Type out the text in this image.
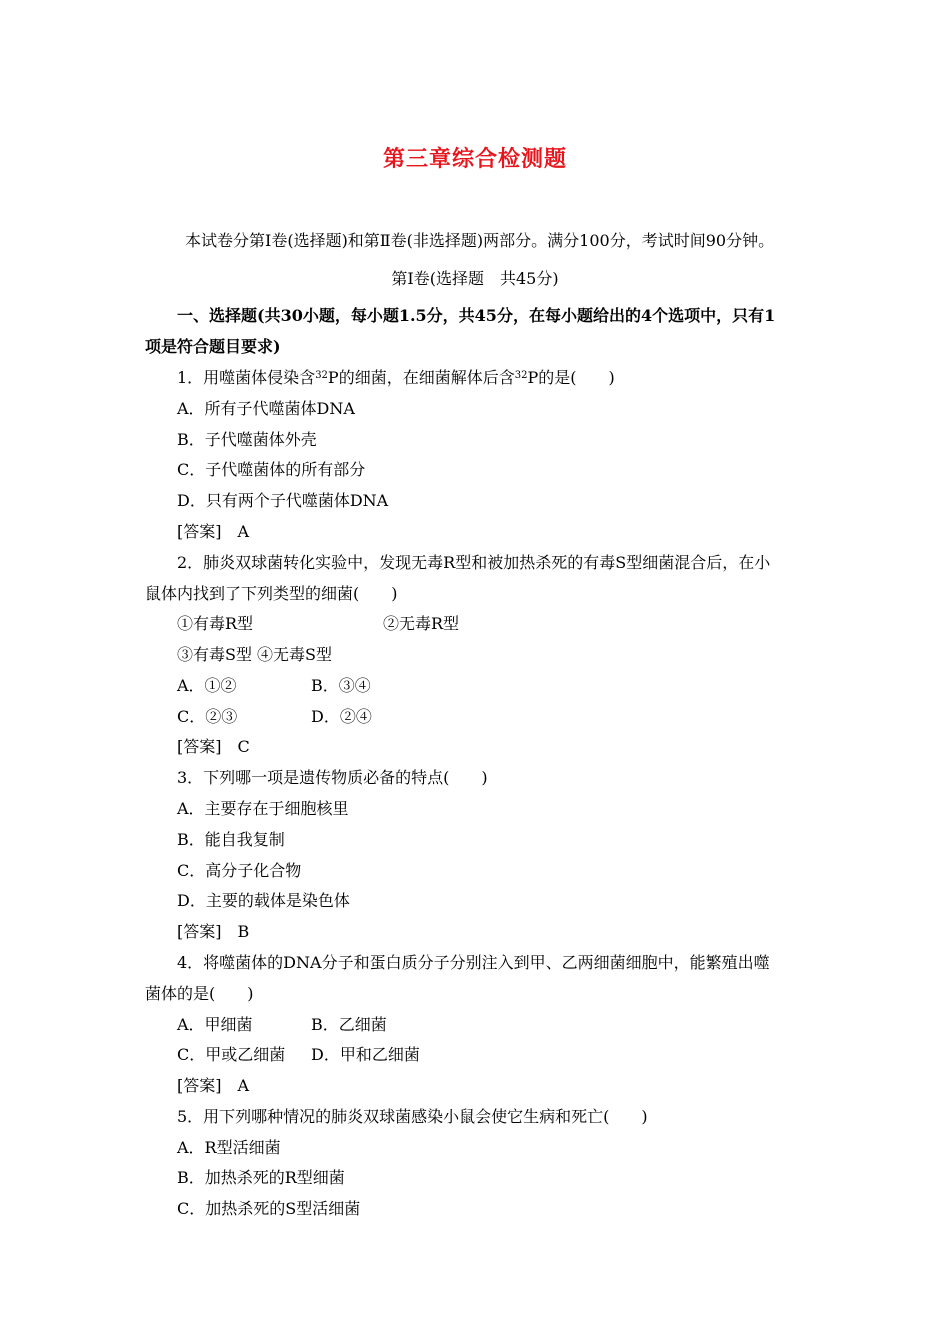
第三章综合检测题
本试卷分第Ⅰ卷(选择题)和第Ⅱ卷(非选择题)两部分。满分100分，考试时间90分钟。
第Ⅰ卷(选择题　共45分)
一、选择题(共30小题，每小题1.5分，共45分，在每小题给出的4个选项中，只有1
项是符合题目要求)
1．用噬菌体侵染含$^{32}$P的细菌，在细菌解体后含$^{32}$P的是(　　)
A．所有子代噬菌体DNA
B．子代噬菌体外壳
C．子代噬菌体的所有部分
D．只有两个子代噬菌体DNA
[答案]　A
2．肺炎双球菌转化实验中，发现无毒R型和被加热杀死的有毒S型细菌混合后，在小
鼠体内找到了下列类型的细菌(　　)
①有毒R型	②无毒R型
③有毒S型 ④无毒S型
A．①②	B．③④
C．②③	D．②④
[答案]　C
3．下列哪一项是遗传物质必备的特点(　　)
A．主要存在于细胞核里
B．能自我复制
C．高分子化合物
D．主要的载体是染色体
[答案]　B
4．将噬菌体的DNA分子和蛋白质分子分别注入到甲、乙两细菌细胞中，能繁殖出噬
菌体的是(　　)
A．甲细菌	B．乙细菌
C．甲或乙细菌 D．甲和乙细菌
[答案]　A
5．用下列哪种情况的肺炎双球菌感染小鼠会使它生病和死亡(　　)
A．R型活细菌
B．加热杀死的R型细菌
C．加热杀死的S型活细菌
